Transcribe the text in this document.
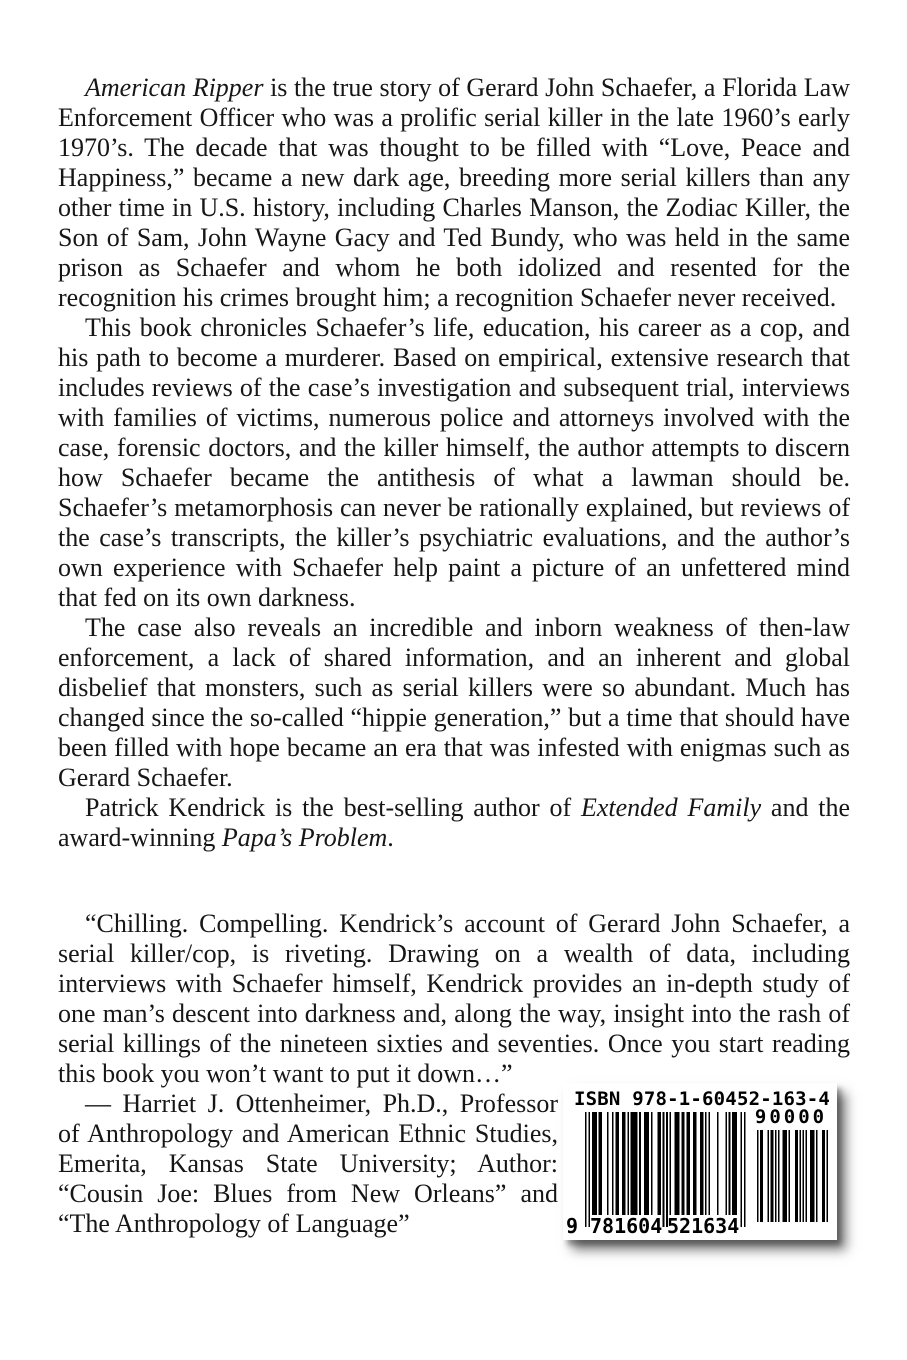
American Ripper is the true story of Gerard John Schaefer, a Florida Law Enforcement Officer who was a prolific serial killer in the late 1960’s early 1970’s. The decade that was thought to be filled with “Love, Peace and Happiness,” became a new dark age, breeding more serial killers than any other time in U.S. history, including Charles Manson, the Zodiac Killer, the Son of Sam, John Wayne Gacy and Ted Bundy, who was held in the same prison as Schaefer and whom he both idolized and resented for the recognition his crimes brought him; a recognition Schaefer never received.

This book chronicles Schaefer’s life, education, his career as a cop, and his path to become a murderer. Based on empirical, extensive research that includes reviews of the case’s investigation and subsequent trial, interviews with families of victims, numerous police and attorneys involved with the case, forensic doctors, and the killer himself, the author attempts to discern how Schaefer became the antithesis of what a lawman should be. Schaefer’s metamorphosis can never be rationally explained, but reviews of the case’s transcripts, the killer’s psychiatric evaluations, and the author’s own experience with Schaefer help paint a picture of an unfettered mind that fed on its own darkness.

The case also reveals an incredible and inborn weakness of then-law enforcement, a lack of shared information, and an inherent and global disbelief that monsters, such as serial killers were so abundant. Much has changed since the so-called “hippie generation,” but a time that should have been filled with hope became an era that was infested with enigmas such as Gerard Schaefer.

Patrick Kendrick is the best-selling author of Extended Family and the award-winning Papa’s Problem.

“Chilling. Compelling. Kendrick’s account of Gerard John Schaefer, a serial killer/cop, is riveting. Drawing on a wealth of data, including interviews with Schaefer himself, Kendrick provides an in-depth study of one man’s descent into darkness and, along the way, insight into the rash of serial killings of the nineteen sixties and seventies. Once you start reading this book you won’t want to put it down…”

— Harriet J. Ottenheimer, Ph.D., Professor of Anthropology and American Ethnic Studies, Emerita, Kansas State University; Author: “Cousin Joe: Blues from New Orleans” and “The Anthropology of Language”

ISBN 978-1-60452-163-4
9 781604 521634
90000
